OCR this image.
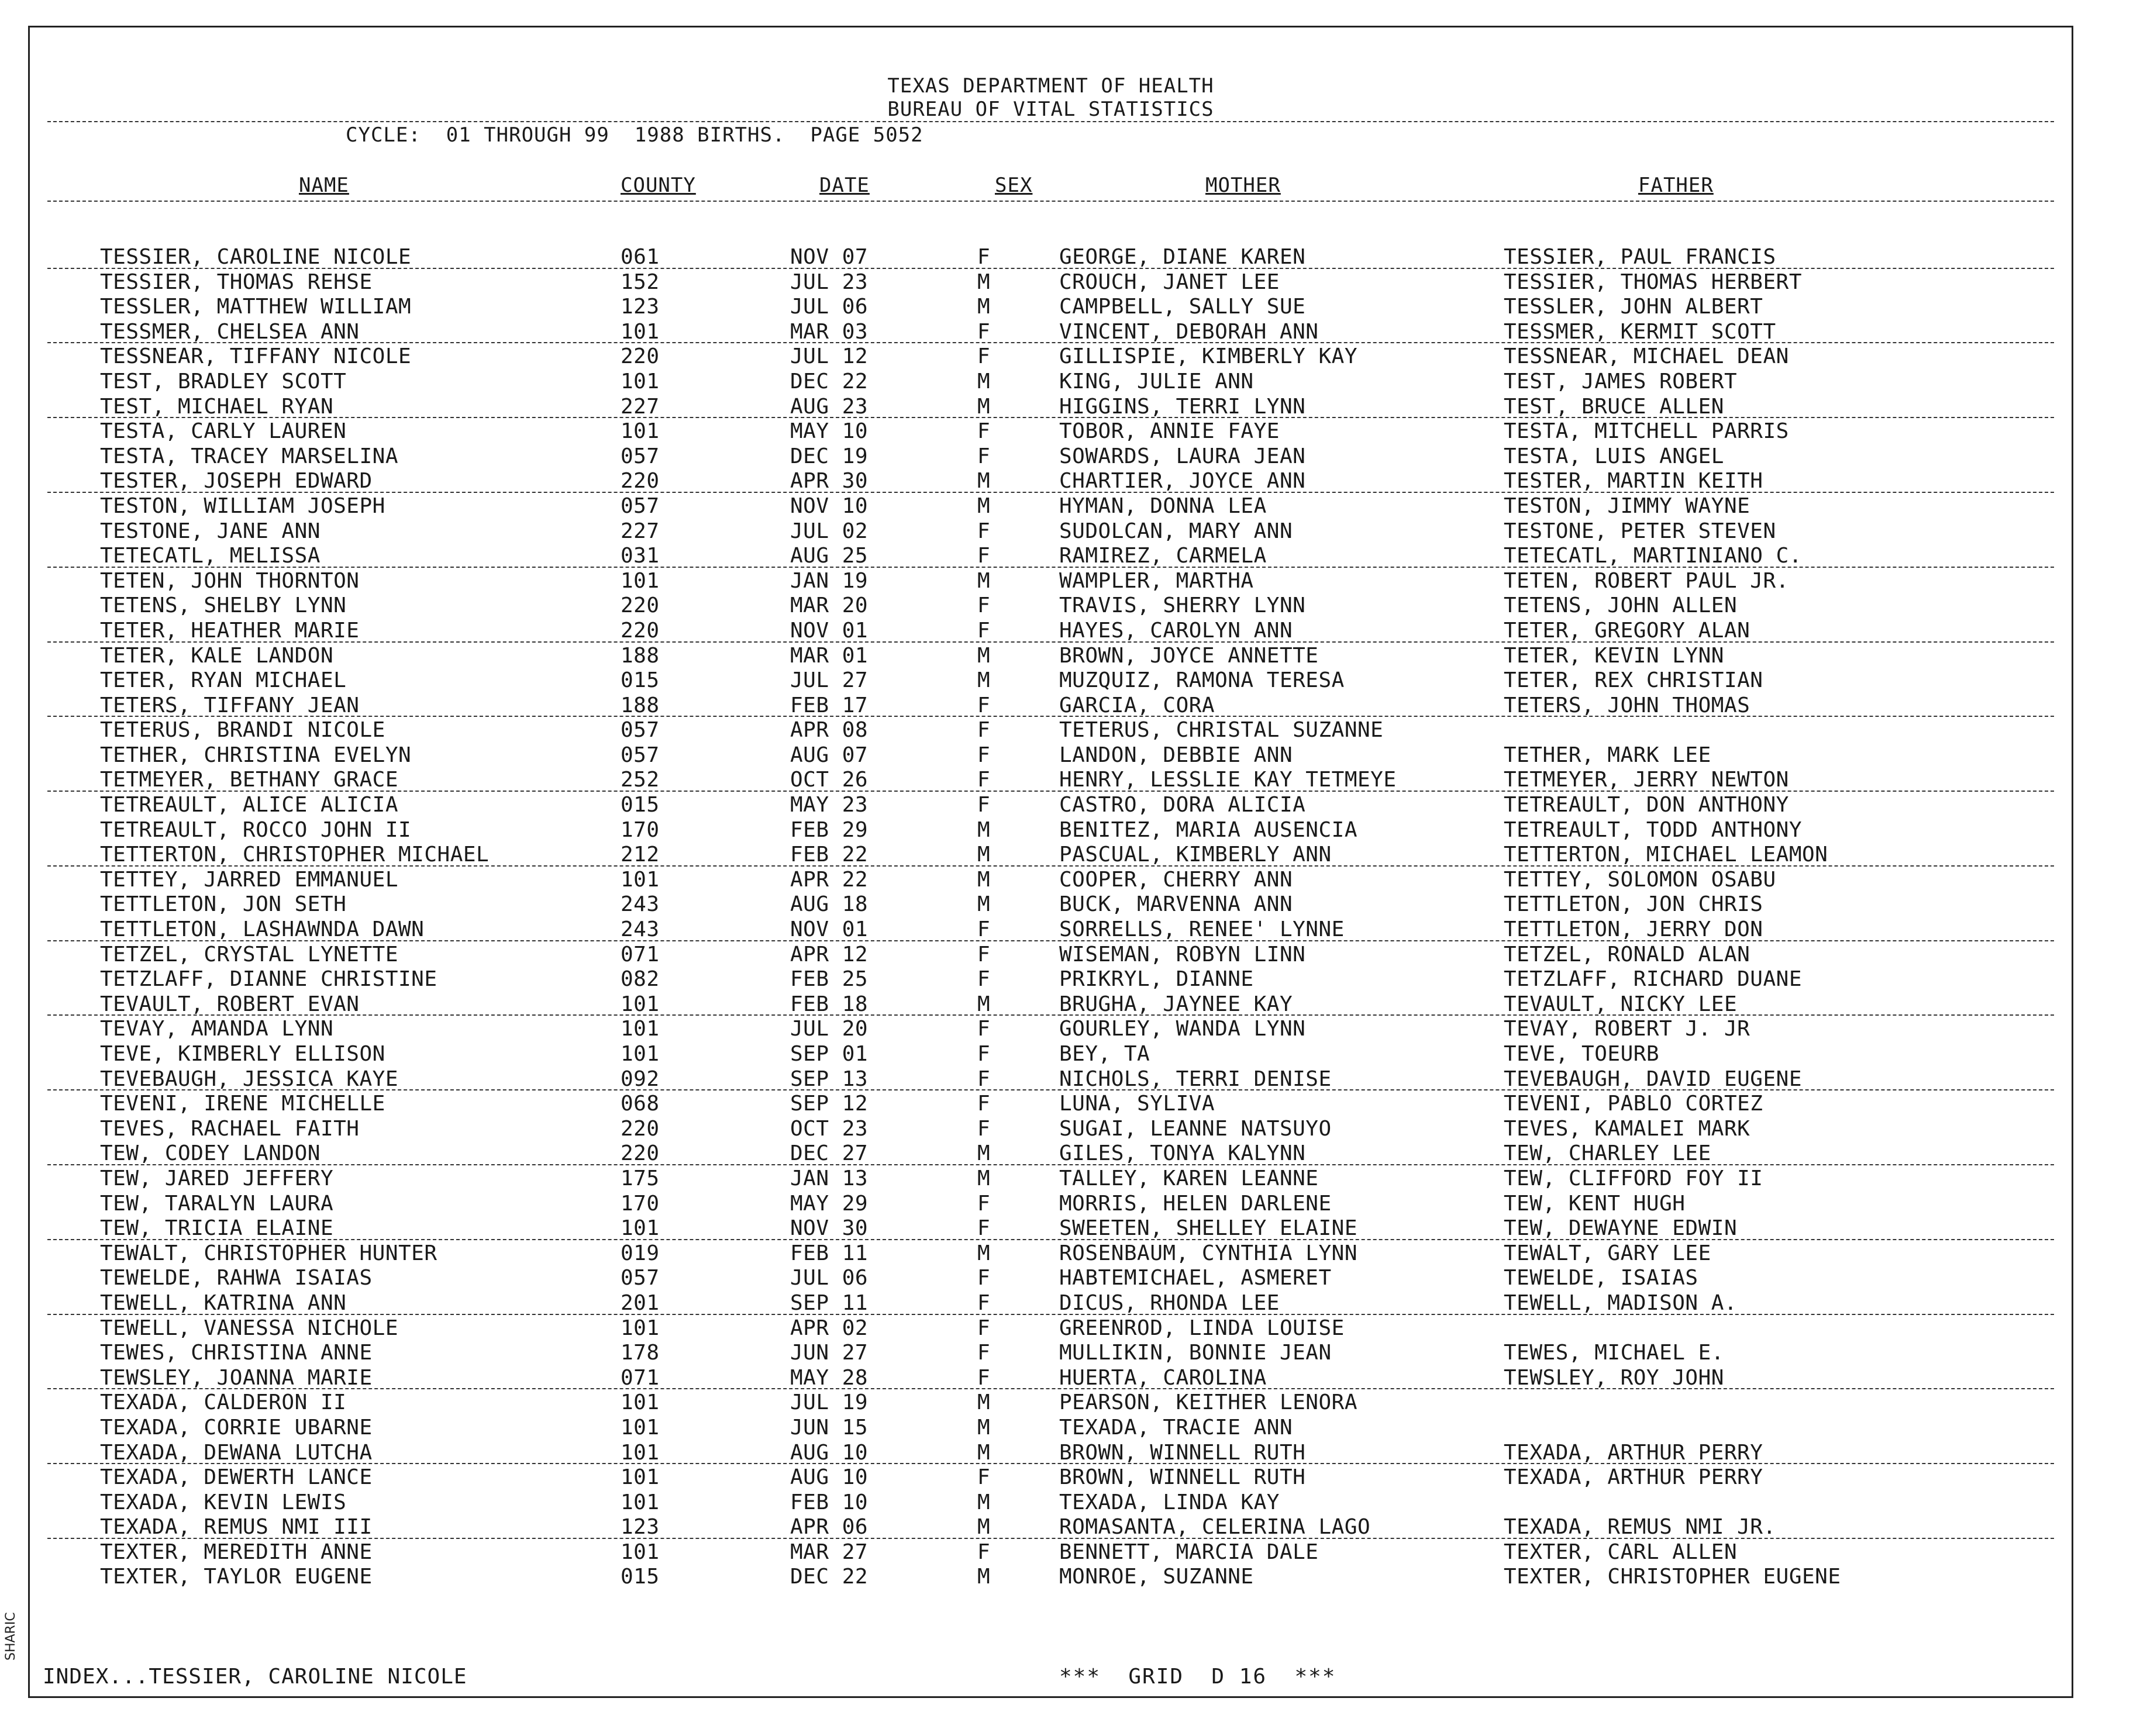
TEXAS DEPARTMENT OF HEALTH
BUREAU OF VITAL STATISTICS
CYCLE:  01 THROUGH 99  1988 BIRTHS.  PAGE 5052
NAME	COUNTY	DATE	SEX	MOTHER	FATHER
TESSIER, CAROLINE NICOLE	061	NOV 07	F	GEORGE, DIANE KAREN	TESSIER, PAUL FRANCIS
TESSIER, THOMAS REHSE	152	JUL 23	M	CROUCH, JANET LEE	TESSIER, THOMAS HERBERT
TESSLER, MATTHEW WILLIAM	123	JUL 06	M	CAMPBELL, SALLY SUE	TESSLER, JOHN ALBERT
TESSMER, CHELSEA ANN	101	MAR 03	F	VINCENT, DEBORAH ANN	TESSMER, KERMIT SCOTT
TESSNEAR, TIFFANY NICOLE	220	JUL 12	F	GILLISPIE, KIMBERLY KAY	TESSNEAR, MICHAEL DEAN
TEST, BRADLEY SCOTT	101	DEC 22	M	KING, JULIE ANN	TEST, JAMES ROBERT
TEST, MICHAEL RYAN	227	AUG 23	M	HIGGINS, TERRI LYNN	TEST, BRUCE ALLEN
TESTA, CARLY LAUREN	101	MAY 10	F	TOBOR, ANNIE FAYE	TESTA, MITCHELL PARRIS
TESTA, TRACEY MARSELINA	057	DEC 19	F	SOWARDS, LAURA JEAN	TESTA, LUIS ANGEL
TESTER, JOSEPH EDWARD	220	APR 30	M	CHARTIER, JOYCE ANN	TESTER, MARTIN KEITH
TESTON, WILLIAM JOSEPH	057	NOV 10	M	HYMAN, DONNA LEA	TESTON, JIMMY WAYNE
TESTONE, JANE ANN	227	JUL 02	F	SUDOLCAN, MARY ANN	TESTONE, PETER STEVEN
TETECATL, MELISSA	031	AUG 25	F	RAMIREZ, CARMELA	TETECATL, MARTINIANO C.
TETEN, JOHN THORNTON	101	JAN 19	M	WAMPLER, MARTHA	TETEN, ROBERT PAUL JR.
TETENS, SHELBY LYNN	220	MAR 20	F	TRAVIS, SHERRY LYNN	TETENS, JOHN ALLEN
TETER, HEATHER MARIE	220	NOV 01	F	HAYES, CAROLYN ANN	TETER, GREGORY ALAN
TETER, KALE LANDON	188	MAR 01	M	BROWN, JOYCE ANNETTE	TETER, KEVIN LYNN
TETER, RYAN MICHAEL	015	JUL 27	M	MUZQUIZ, RAMONA TERESA	TETER, REX CHRISTIAN
TETERS, TIFFANY JEAN	188	FEB 17	F	GARCIA, CORA	TETERS, JOHN THOMAS
TETERUS, BRANDI NICOLE	057	APR 08	F	TETERUS, CHRISTAL SUZANNE
TETHER, CHRISTINA EVELYN	057	AUG 07	F	LANDON, DEBBIE ANN	TETHER, MARK LEE
TETMEYER, BETHANY GRACE	252	OCT 26	F	HENRY, LESSLIE KAY TETMEYE	TETMEYER, JERRY NEWTON
TETREAULT, ALICE ALICIA	015	MAY 23	F	CASTRO, DORA ALICIA	TETREAULT, DON ANTHONY
TETREAULT, ROCCO JOHN II	170	FEB 29	M	BENITEZ, MARIA AUSENCIA	TETREAULT, TODD ANTHONY
TETTERTON, CHRISTOPHER MICHAEL	212	FEB 22	M	PASCUAL, KIMBERLY ANN	TETTERTON, MICHAEL LEAMON
TETTEY, JARRED EMMANUEL	101	APR 22	M	COOPER, CHERRY ANN	TETTEY, SOLOMON OSABU
TETTLETON, JON SETH	243	AUG 18	M	BUCK, MARVENNA ANN	TETTLETON, JON CHRIS
TETTLETON, LASHAWNDA DAWN	243	NOV 01	F	SORRELLS, RENEE' LYNNE	TETTLETON, JERRY DON
TETZEL, CRYSTAL LYNETTE	071	APR 12	F	WISEMAN, ROBYN LINN	TETZEL, RONALD ALAN
TETZLAFF, DIANNE CHRISTINE	082	FEB 25	F	PRIKRYL, DIANNE	TETZLAFF, RICHARD DUANE
TEVAULT, ROBERT EVAN	101	FEB 18	M	BRUGHA, JAYNEE KAY	TEVAULT, NICKY LEE
TEVAY, AMANDA LYNN	101	JUL 20	F	GOURLEY, WANDA LYNN	TEVAY, ROBERT J. JR
TEVE, KIMBERLY ELLISON	101	SEP 01	F	BEY, TA	TEVE, TOEURB
TEVEBAUGH, JESSICA KAYE	092	SEP 13	F	NICHOLS, TERRI DENISE	TEVEBAUGH, DAVID EUGENE
TEVENI, IRENE MICHELLE	068	SEP 12	F	LUNA, SYLIVA	TEVENI, PABLO CORTEZ
TEVES, RACHAEL FAITH	220	OCT 23	F	SUGAI, LEANNE NATSUYO	TEVES, KAMALEI MARK
TEW, CODEY LANDON	220	DEC 27	M	GILES, TONYA KALYNN	TEW, CHARLEY LEE
TEW, JARED JEFFERY	175	JAN 13	M	TALLEY, KAREN LEANNE	TEW, CLIFFORD FOY II
TEW, TARALYN LAURA	170	MAY 29	F	MORRIS, HELEN DARLENE	TEW, KENT HUGH
TEW, TRICIA ELAINE	101	NOV 30	F	SWEETEN, SHELLEY ELAINE	TEW, DEWAYNE EDWIN
TEWALT, CHRISTOPHER HUNTER	019	FEB 11	M	ROSENBAUM, CYNTHIA LYNN	TEWALT, GARY LEE
TEWELDE, RAHWA ISAIAS	057	JUL 06	F	HABTEMICHAEL, ASMERET	TEWELDE, ISAIAS
TEWELL, KATRINA ANN	201	SEP 11	F	DICUS, RHONDA LEE	TEWELL, MADISON A.
TEWELL, VANESSA NICHOLE	101	APR 02	F	GREENROD, LINDA LOUISE
TEWES, CHRISTINA ANNE	178	JUN 27	F	MULLIKIN, BONNIE JEAN	TEWES, MICHAEL E.
TEWSLEY, JOANNA MARIE	071	MAY 28	F	HUERTA, CAROLINA	TEWSLEY, ROY JOHN
TEXADA, CALDERON II	101	JUL 19	M	PEARSON, KEITHER LENORA
TEXADA, CORRIE UBARNE	101	JUN 15	M	TEXADA, TRACIE ANN
TEXADA, DEWANA LUTCHA	101	AUG 10	M	BROWN, WINNELL RUTH	TEXADA, ARTHUR PERRY
TEXADA, DEWERTH LANCE	101	AUG 10	F	BROWN, WINNELL RUTH	TEXADA, ARTHUR PERRY
TEXADA, KEVIN LEWIS	101	FEB 10	M	TEXADA, LINDA KAY
TEXADA, REMUS NMI III	123	APR 06	M	ROMASANTA, CELERINA LAGO	TEXADA, REMUS NMI JR.
TEXTER, MEREDITH ANNE	101	MAR 27	F	BENNETT, MARCIA DALE	TEXTER, CARL ALLEN
TEXTER, TAYLOR EUGENE	015	DEC 22	M	MONROE, SUZANNE	TEXTER, CHRISTOPHER EUGENE
INDEX...TESSIER, CAROLINE NICOLE	***  GRID  D 16  ***
SHARIC
